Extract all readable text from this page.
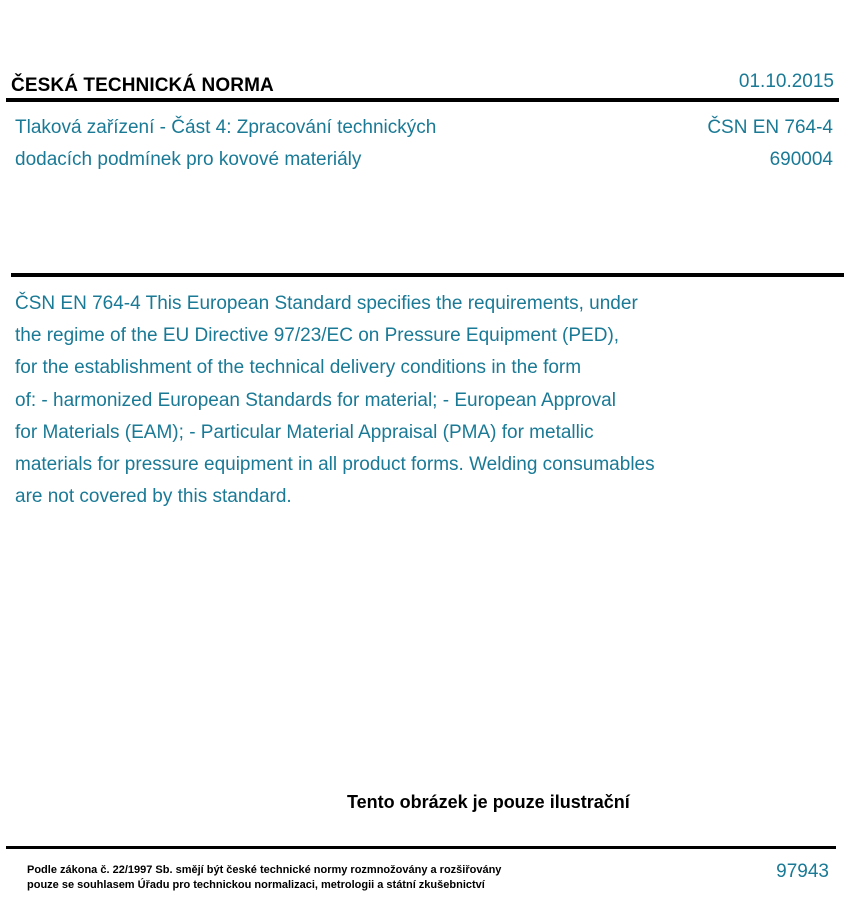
ČESKÁ TECHNICKÁ NORMA	01.10.2015
Tlaková zařízení - Část 4: Zpracování technických
dodacích podmínek pro kovové materiály
ČSN EN 764-4
690004
ČSN EN 764-4 This European Standard specifies the requirements, under
the regime of the EU Directive 97/23/EC on Pressure Equipment (PED),
for the establishment of the technical delivery conditions in the form
of: - harmonized European Standards for material; - European Approval
for Materials (EAM); - Particular Material Appraisal (PMA) for metallic
materials for pressure equipment in all product forms. Welding consumables
are not covered by this standard.
Tento obrázek je pouze ilustrační
Podle zákona č. 22/1997 Sb. smějí být české technické normy rozmnožovány a rozšiřovány
pouze se souhlasem Úřadu pro technickou normalizaci, metrologii a státní zkušebnictví
97943
